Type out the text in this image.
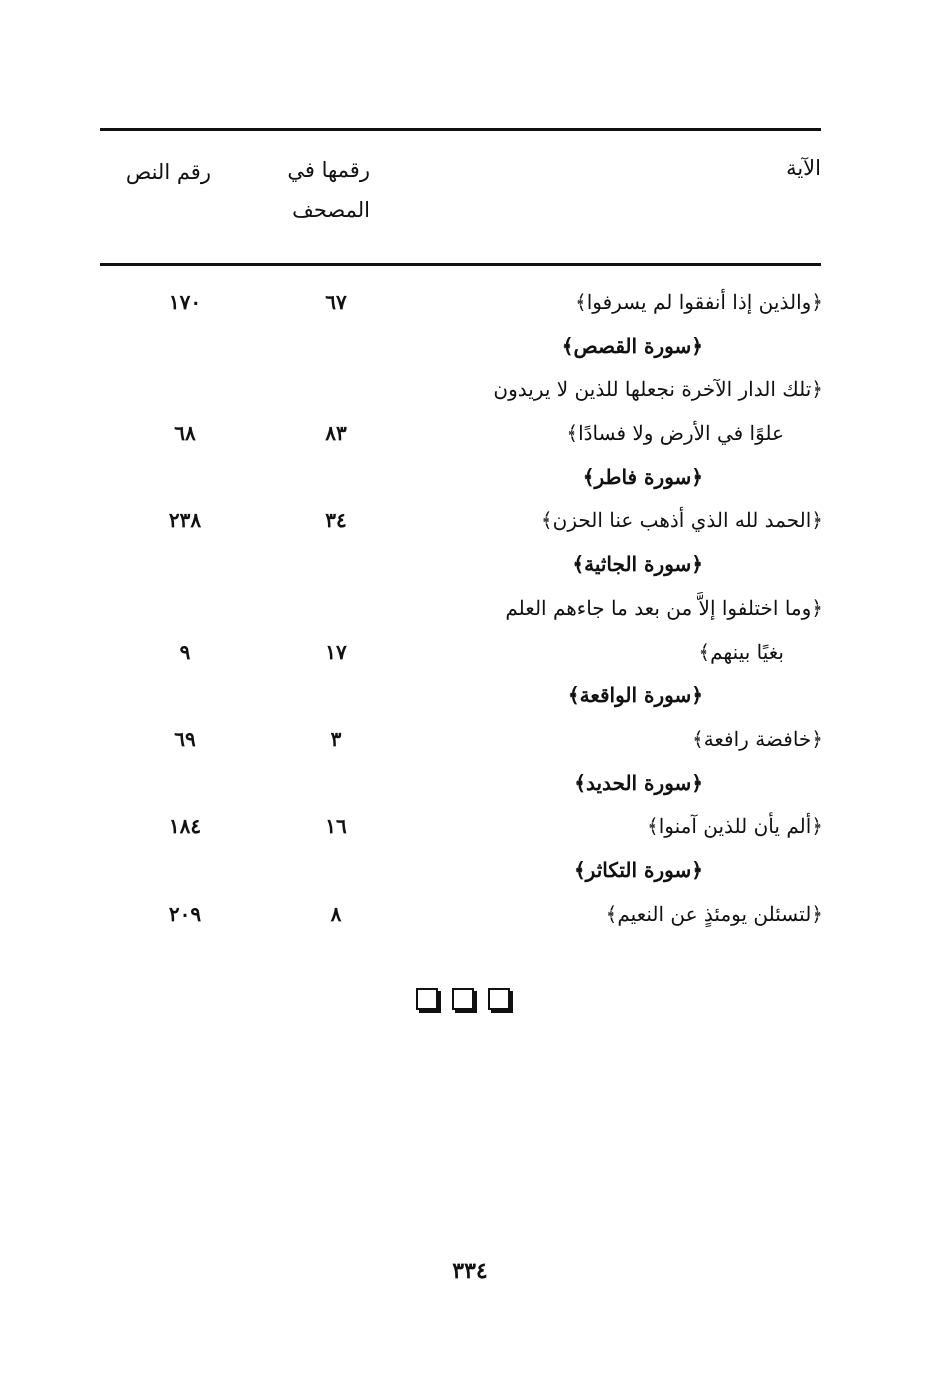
الآية
رقمها في
المصحف
رقم النص
﴿والذين إذا أنفقوا لم يسرفوا﴾
٦٧
١٧٠
﴿سورة القصص﴾
﴿تلك الدار الآخرة نجعلها للذين لا يريدون
علوًا في الأرض ولا فسادًا﴾
٨٣
٦٨
﴿سورة فاطر﴾
﴿الحمد لله الذي أذهب عنا الحزن﴾
٣٤
٢٣٨
﴿سورة الجاثية﴾
﴿وما اختلفوا إلاَّ من بعد ما جاءهم العلم
بغيًا بينهم﴾
١٧
٩
﴿سورة الواقعة﴾
﴿خافضة رافعة﴾
٣
٦٩
﴿سورة الحديد﴾
﴿ألم يأن للذين آمنوا﴾
١٦
١٨٤
﴿سورة التكاثر﴾
﴿لتسئلن يومئذٍ عن النعيم﴾
٨
٢٠٩
٣٣٤
